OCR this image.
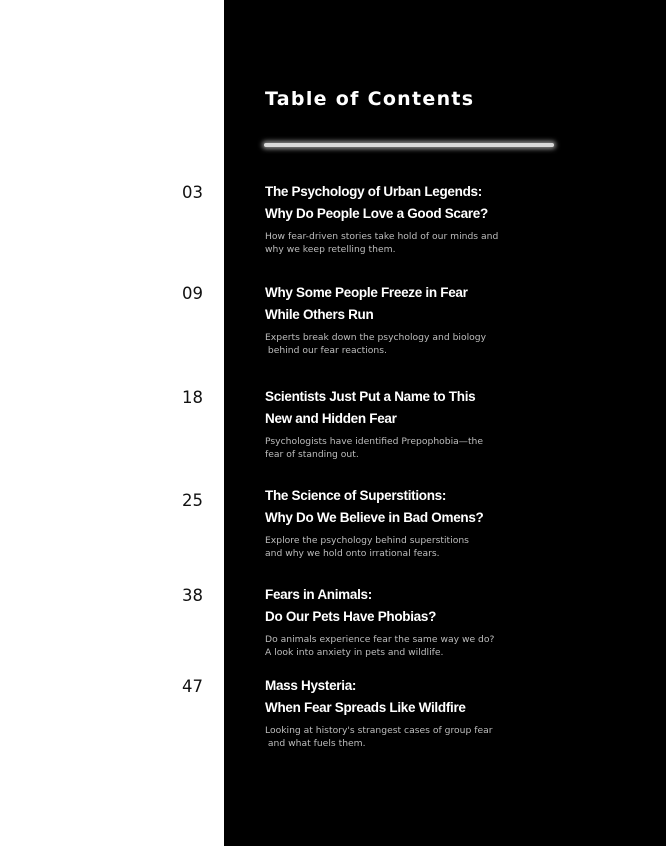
Table of Contents
03	The Psychology of Urban Legends:
Why Do People Love a Good Scare?
How fear-driven stories take hold of our minds and
why we keep retelling them.
09	Why Some People Freeze in Fear
While Others Run
Experts break down the psychology and biology
behind our fear reactions.
18	Scientists Just Put a Name to This
New and Hidden Fear
Psychologists have identified Prepophobia—the
fear of standing out.
25	The Science of Superstitions:
Why Do We Believe in Bad Omens?
Explore the psychology behind superstitions
and why we hold onto irrational fears.
38	Fears in Animals:
Do Our Pets Have Phobias?
Do animals experience fear the same way we do?
A look into anxiety in pets and wildlife.
47	Mass Hysteria:
When Fear Spreads Like Wildfire
Looking at history's strangest cases of group fear
and what fuels them.
